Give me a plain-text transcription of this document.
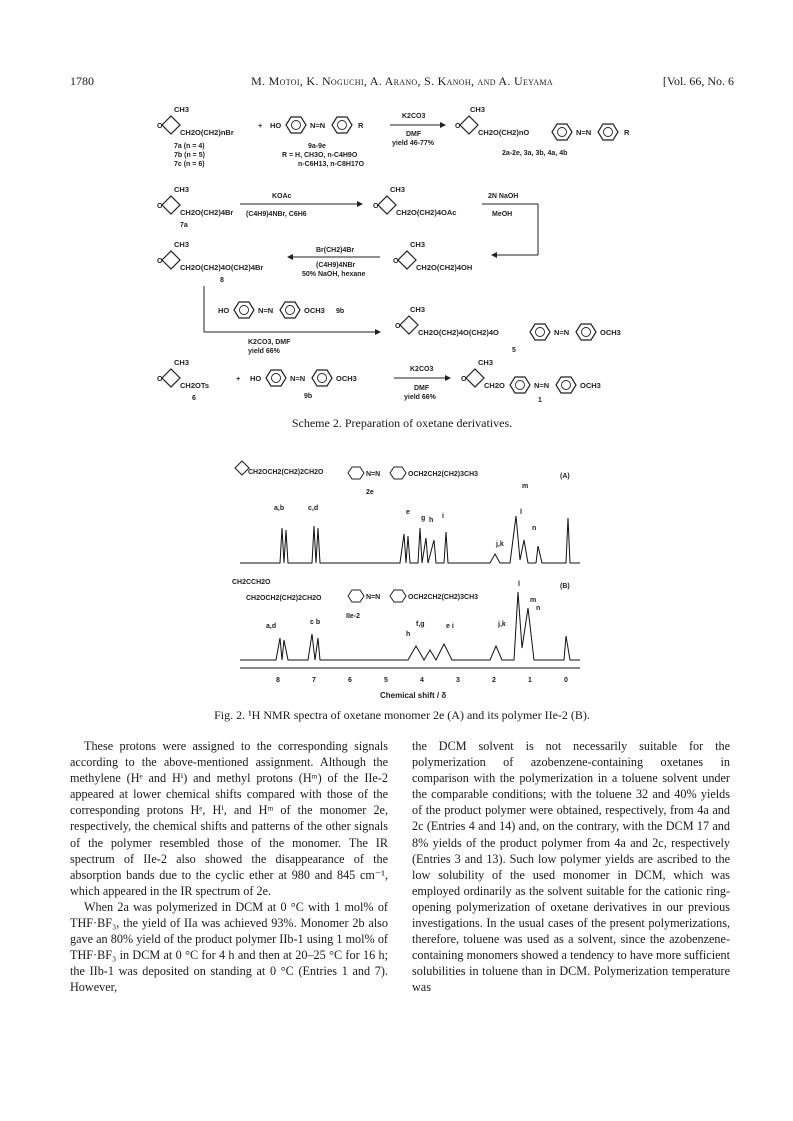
1780	M. Motoi, K. Noguchi, A. Arano, S. Kanoh, and A. Ueyama	[Vol. 66, No. 6
O
CH3
CH2O(CH2)nBr
7a (n = 4)
7b (n = 5)
7c (n = 6)
+ HO	N=N	R
9a-9e
R = H, CH3O, n-C4H9O
n-C6H13, n-C8H17O
K2CO3
DMF
yield 46-77%
CH3
CH2O(CH2)nO	N=N	R
2a-2e, 3a, 3b, 4a, 4b
CH3
CH2O(CH2)4Br
7a
KOAc
(C4H9)4NBr, C6H6
CH3
CH2O(CH2)4OAc
2N NaOH
MeOH
CH3
CH2O(CH2)4O(CH2)4Br
8
Br(CH2)4Br
(C4H9)4NBr
50% NaOH, hexane
CH3
CH2O(CH2)4OH
HO	N=N	OCH3 9b
K2CO3, DMF
yield 66%
CH3
CH2O(CH2)4O(CH2)4O	N=N	OCH3
5
CH3
CH2OTs
6
+ HO	N=N	OCH3
9b
K2CO3
DMF
yield 66%
CH3
CH2O	N=N	OCH3
1
Scheme 2. Preparation of oxetane derivatives.
CH2OCH2(CH2)2CH2O	N=N	OCH2CH2(CH2)3CH3
2e
(A)
a,b	c,d
e
g h
i
j,k
l
m
n
CH2CCH2O
CH2OCH2(CH2)2CH2O	N=N	OCH2CH2(CH2)3CH3
IIe-2
(B)
a,d
c b	f,g
h
e i	j,k
l
m
n
8	7	6	5	4	3	2	1	0
Chemical shift / δ
Fig. 2. ¹H NMR spectra of oxetane monomer 2e (A) and its polymer IIe-2 (B).

These protons were assigned to the corresponding signals according to the above-mentioned assignment. Although the methylene (Hᵉ and Hⁱ) and methyl protons (Hᵐ) of the IIe-2 appeared at lower chemical shifts compared with those of the corresponding protons Hᵉ, Hⁱ, and Hᵐ of the monomer 2e, respectively, the chemical shifts and patterns of the other signals of the polymer resembled those of the monomer. The IR spectrum of IIe-2 also showed the disappearance of the absorption bands due to the cyclic ether at 980 and 845 cm⁻¹, which appeared in the IR spectrum of 2e.

When 2a was polymerized in DCM at 0 °C with 1 mol% of THF·BF₃, the yield of IIa was achieved 93%. Monomer 2b also gave an 80% yield of the product polymer IIb-1 using 1 mol% of THF·BF₃ in DCM at 0 °C for 4 h and then at 20–25 °C for 16 h; the IIb-1 was deposited on standing at 0 °C (Entries 1 and 7). However,

the DCM solvent is not necessarily suitable for the polymerization of azobenzene-containing oxetanes in comparison with the polymerization in a toluene solvent under the comparable conditions; with the toluene 32 and 40% yields of the product polymer were obtained, respectively, from 4a and 2c (Entries 4 and 14) and, on the contrary, with the DCM 17 and 8% yields of the product polymer from 4a and 2c, respectively (Entries 3 and 13). Such low polymer yields are ascribed to the low solubility of the used monomer in DCM, which was employed ordinarily as the solvent suitable for the cationic ring-opening polymerization of oxetane derivatives in our previous investigations. In the usual cases of the present polymerizations, therefore, toluene was used as a solvent, since the azobenzene-containing monomers showed a tendency to have more sufficient solubilities in toluene than in DCM. Polymerization temperature was
